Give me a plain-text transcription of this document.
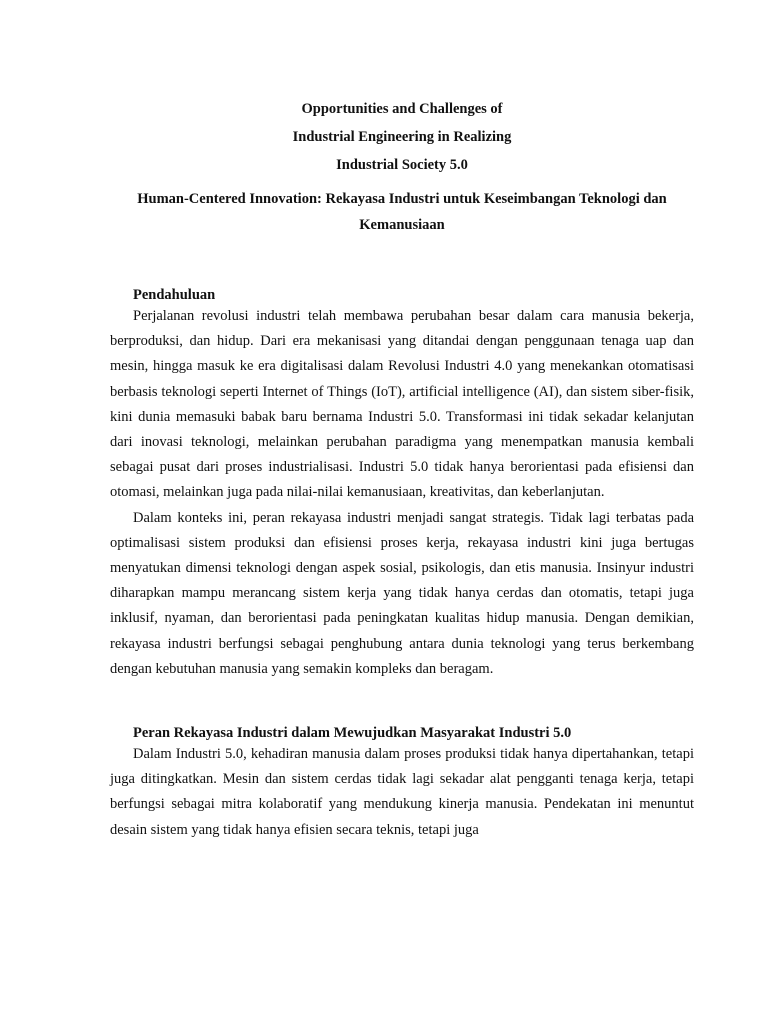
Opportunities and Challenges of
Industrial Engineering in Realizing
Industrial Society 5.0
Human-Centered Innovation: Rekayasa Industri untuk Keseimbangan Teknologi dan Kemanusiaan
Pendahuluan

Perjalanan revolusi industri telah membawa perubahan besar dalam cara manusia bekerja, berproduksi, dan hidup. Dari era mekanisasi yang ditandai dengan penggunaan tenaga uap dan mesin, hingga masuk ke era digitalisasi dalam Revolusi Industri 4.0 yang menekankan otomatisasi berbasis teknologi seperti Internet of Things (IoT), artificial intelligence (AI), dan sistem siber-fisik, kini dunia memasuki babak baru bernama Industri 5.0. Transformasi ini tidak sekadar kelanjutan dari inovasi teknologi, melainkan perubahan paradigma yang menempatkan manusia kembali sebagai pusat dari proses industrialisasi. Industri 5.0 tidak hanya berorientasi pada efisiensi dan otomasi, melainkan juga pada nilai-nilai kemanusiaan, kreativitas, dan keberlanjutan.

Dalam konteks ini, peran rekayasa industri menjadi sangat strategis. Tidak lagi terbatas pada optimalisasi sistem produksi dan efisiensi proses kerja, rekayasa industri kini juga bertugas menyatukan dimensi teknologi dengan aspek sosial, psikologis, dan etis manusia. Insinyur industri diharapkan mampu merancang sistem kerja yang tidak hanya cerdas dan otomatis, tetapi juga inklusif, nyaman, dan berorientasi pada peningkatan kualitas hidup manusia. Dengan demikian, rekayasa industri berfungsi sebagai penghubung antara dunia teknologi yang terus berkembang dengan kebutuhan manusia yang semakin kompleks dan beragam.

Peran Rekayasa Industri dalam Mewujudkan Masyarakat Industri 5.0

Dalam Industri 5.0, kehadiran manusia dalam proses produksi tidak hanya dipertahankan, tetapi juga ditingkatkan. Mesin dan sistem cerdas tidak lagi sekadar alat pengganti tenaga kerja, tetapi berfungsi sebagai mitra kolaboratif yang mendukung kinerja manusia. Pendekatan ini menuntut desain sistem yang tidak hanya efisien secara teknis, tetapi juga
